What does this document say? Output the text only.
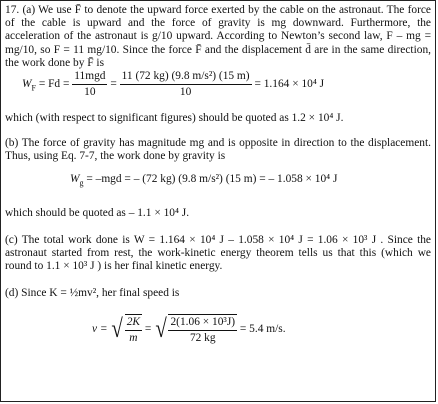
17. (a) We use F̄ to denote the upward force exerted by the cable on the astronaut. The force of the cable is upward and the force of gravity is mg downward. Furthermore, the acceleration of the astronaut is g/10 upward. According to Newton’s second law, F – mg = mg/10, so F = 11 mg/10. Since the force F̄ and the displacement d̄ are in the same direction, the work done by F̄ is

$W_F = Fd = \frac{\text{11mgd}}{10} = \frac{\text{11 (72 kg) (9.8 m/s²) (15 m)}}{10} = 1.164 \times 10^4$ J

which (with respect to significant figures) should be quoted as 1.2 × 10⁴ J.

(b) The force of gravity has magnitude mg and is opposite in direction to the displacement. Thus, using Eq. 7-7, the work done by gravity is

$W_g = -mgd$ = – (72 kg) (9.8 m/s²) (15 m) = – 1.058 × 10⁴ J

which should be quoted as – 1.1 × 10⁴ J.

(c) The total work done is W = 1.164 × 10⁴ J – 1.058 × 10⁴ J = 1.06 × 10³ J . Since the astronaut started from rest, the work-kinetic energy theorem tells us that this (which we round to 1.1 × 10³ J ) is her final kinetic energy.

(d) Since K = ½mv², her final speed is

v = √ $\frac{2K}{m}$ = √ $\frac{\text{2(1.06 × 10³J)}}{72 kg} = 5.4$ m/s.
